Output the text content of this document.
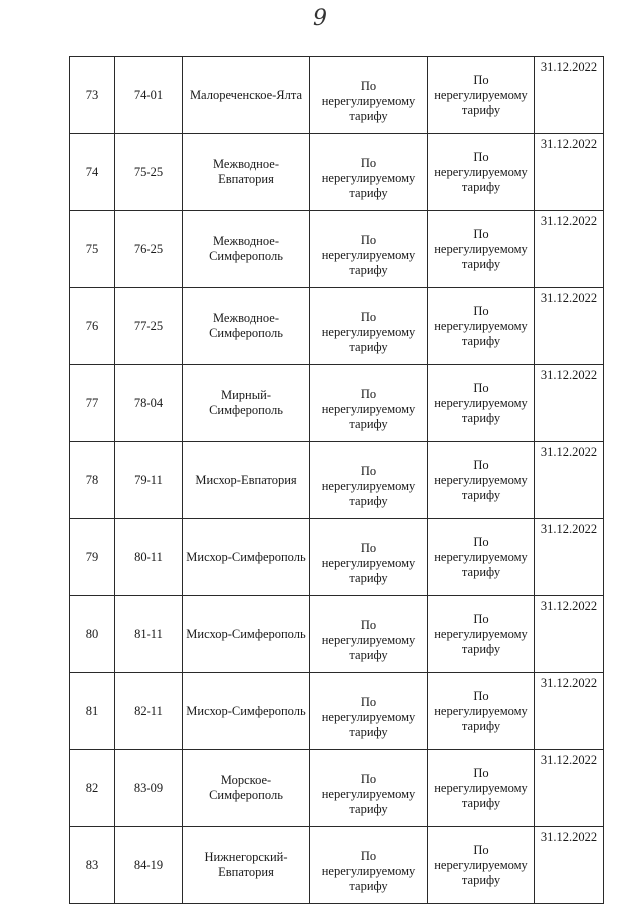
9
73	74-01	Малореченское-Ялта	По нерегулируемому тарифу	По нерегулируемому тарифу	31.12.2022
74	75-25	Межводное-Евпатория	По нерегулируемому тарифу	По нерегулируемому тарифу	31.12.2022
75	76-25	Межводное-Симферополь	По нерегулируемому тарифу	По нерегулируемому тарифу	31.12.2022
76	77-25	Межводное-Симферополь	По нерегулируемому тарифу	По нерегулируемому тарифу	31.12.2022
77	78-04	Мирный-Симферополь	По нерегулируемому тарифу	По нерегулируемому тарифу	31.12.2022
78	79-11	Мисхор-Евпатория	По нерегулируемому тарифу	По нерегулируемому тарифу	31.12.2022
79	80-11	Мисхор-Симферополь	По нерегулируемому тарифу	По нерегулируемому тарифу	31.12.2022
80	81-11	Мисхор-Симферополь	По нерегулируемому тарифу	По нерегулируемому тарифу	31.12.2022
81	82-11	Мисхор-Симферополь	По нерегулируемому тарифу	По нерегулируемому тарифу	31.12.2022
82	83-09	Морское-Симферополь	По нерегулируемому тарифу	По нерегулируемому тарифу	31.12.2022
83	84-19	Нижнегорский-Евпатория	По нерегулируемому тарифу	По нерегулируемому тарифу	31.12.2022
